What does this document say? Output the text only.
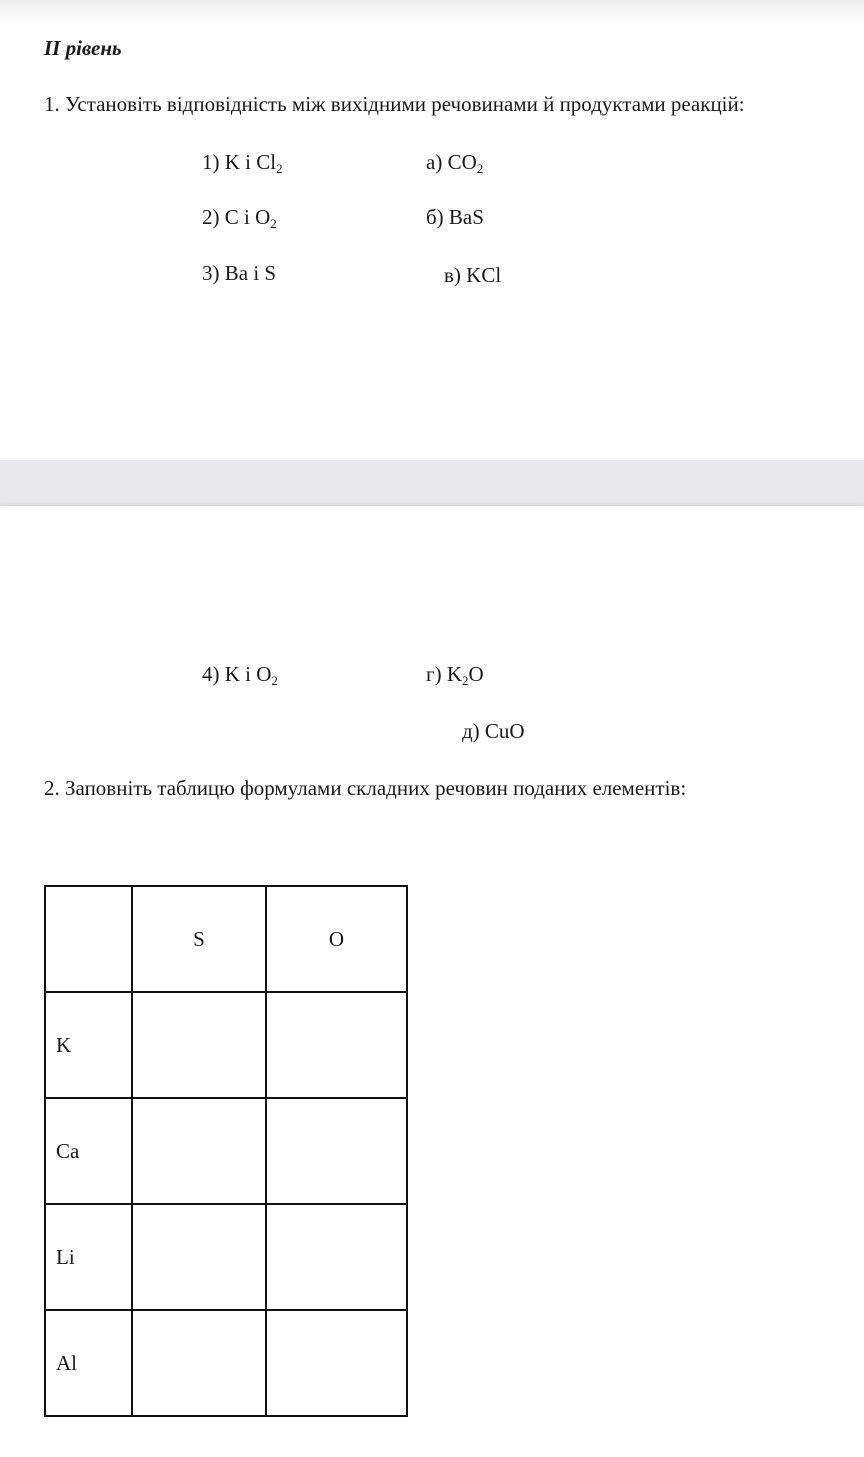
II рівень
1. Установіть відповідність між вихідними речовинами й продуктами реакцій:
1) K і $Cl_2$
2) C і $O_2$
3) Ba і S
4) K і $O_2$
а) $CO_2$
б) BaS
в) KCl
г) $K_2O$
д) CuO
2. Заповніть таблицю формулами складних речовин поданих елементів:
	S	O
K		
Ca		
Li		
Al		
